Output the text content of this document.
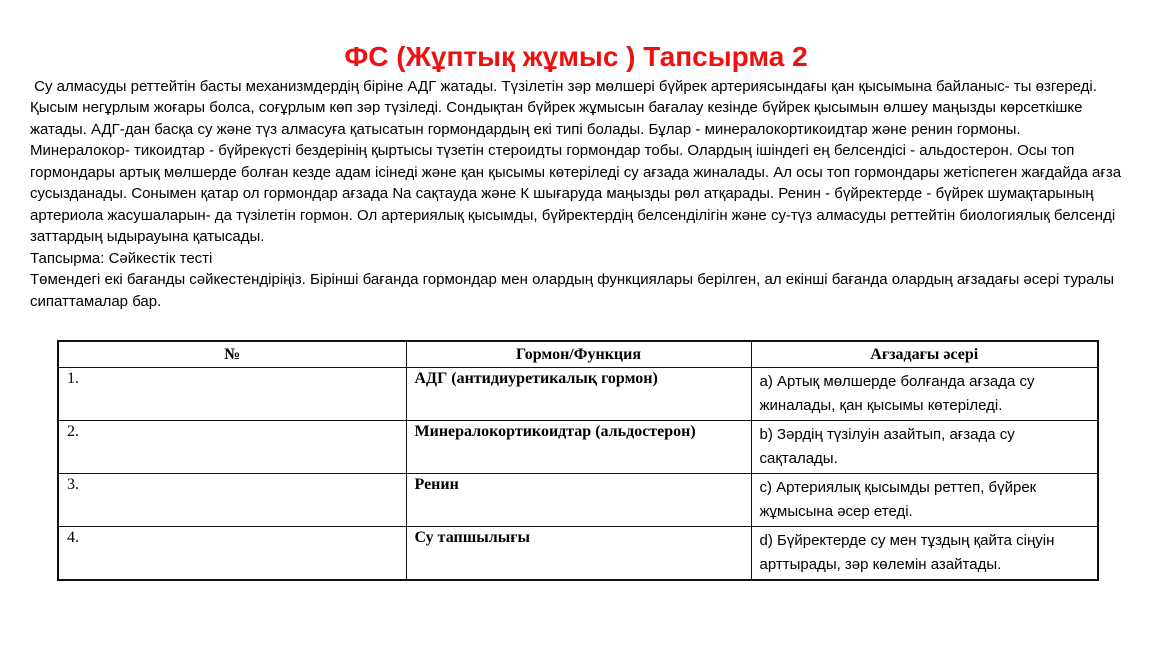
ФС (Жұптық жұмыс ) Тапсырма 2

Су алмасуды реттейтін басты механизмдердің біріне АДГ жатады. Түзілетін зәр мөлшері бүйрек артериясындағы қан қысымына байланыс- ты өзгереді. Қысым негұрлым жоғары болса, соғұрлым көп зәр түзіледі. Сондықтан бүйрек жұмысын бағалау кезінде бүйрек қысымын өлшеу маңызды көрсеткішке жатады. АДГ-дан басқа су және түз алмасуға қатысатын гормондардың екі типі болады. Бұлар - минералокортикоидтар және ренин гормоны. Минералокор- тикоидтар - бүйрекүсті бездерінің қыртысы түзетін стероидты гормондар тобы. Олардың ішіндегі ең белсендісі - альдостерон. Осы топ гормондары артық мөлшерде болған кезде адам ісінеді және қан қысымы көтеріледі су ағзада жиналады. Ал осы топ гормондары жетіспеген жағдайда ағза сусызданады. Сонымен қатар ол гормондар ағзада Na сақтауда және К шығаруда маңызды рөл атқарады. Ренин - бүйректерде - бүйрек шумақтарының артериола жасушаларын- да түзілетін гормон. Ол артериялық қысымды, бүйректердің белсенділігін және су-түз алмасуды реттейтін биологиялық белсенді заттардың ыдырауына қатысады.

Тапсырма: Сәйкестік тесті

Төмендегі екі бағанды сәйкестендіріңіз. Бірінші бағанда гормондар мен олардың функциялары берілген, ал екінші бағанда олардың ағзадағы әсері туралы сипаттамалар бар.

№	Гормон/Функция	Ағзадағы әсері
1.	АДГ (антидиуретикалық гормон)	a) Артық мөлшерде болғанда ағзада су жиналады, қан қысымы көтеріледі.
2.	Минералокортикоидтар (альдостерон)	b) Зәрдің түзілуін азайтып, ағзада су сақталады.
3.	Ренин	c) Артериялық қысымды реттеп, бүйрек жұмысына әсер етеді.
4.	Су тапшылығы	d) Бүйректерде су мен тұздың қайта сіңуін арттырады, зәр көлемін азайтады.
